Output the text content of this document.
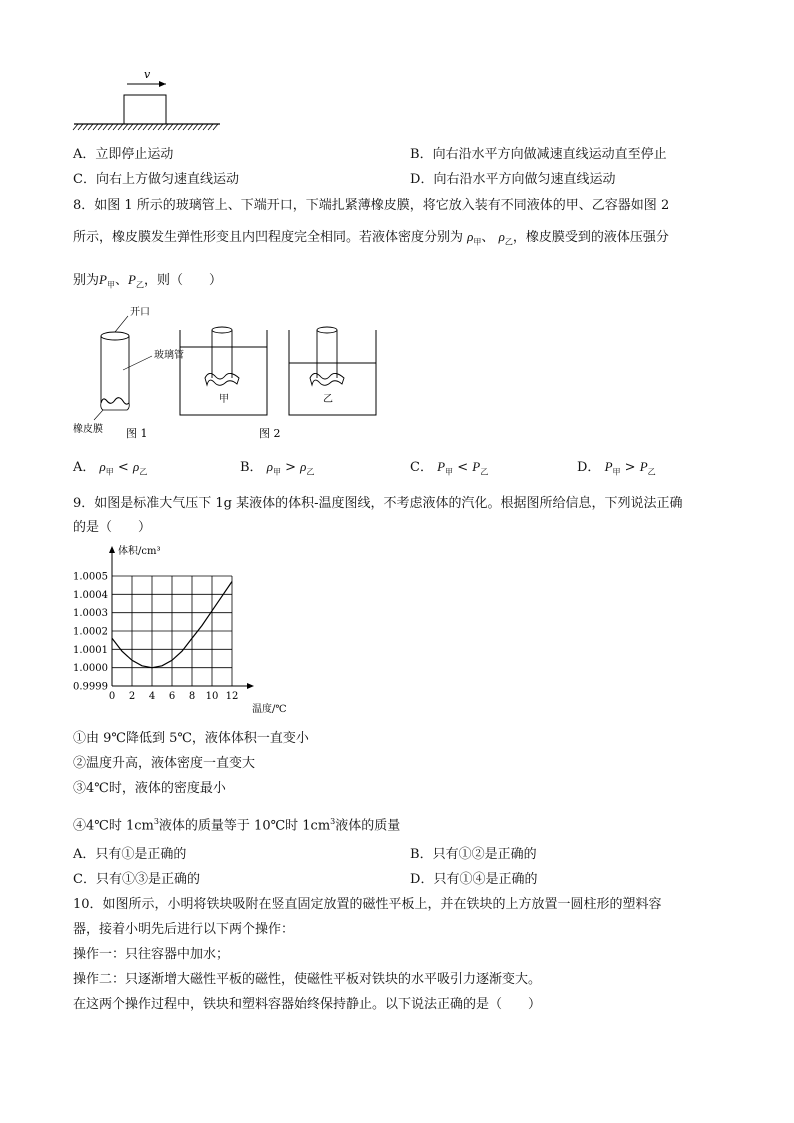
v
A．立即停止运动	B．向右沿水平方向做减速直线运动直至停止
C．向右上方做匀速直线运动	D．向右沿水平方向做匀速直线运动
8．如图 1 所示的玻璃管上、下端开口，下端扎紧薄橡皮膜，将它放入装有不同液体的甲、乙容器如图 2
所示，橡皮膜发生弹性形变且内凹程度完全相同。若液体密度分别为 $\rho_甲$、 $\rho_乙$，橡皮膜受到的液体压强分
别为$P_甲$、$P_乙$，则（　　）
开口
玻璃管
橡皮膜 图 1
甲
图 2
乙
A． $\rho_甲 < \rho_乙$	B． $\rho_甲 > \rho_乙$	C． $P_甲 < P_乙$	D． $P_甲 > P_乙$
9．如图是标准大气压下 1g 某液体的体积-温度图线，不考虑液体的汽化。根据图所给信息，下列说法正确
的是（　　）
0 2 4 6 8 10 12
0.9999
1.0000
1.0001
1.0002
1.0003
1.0004
1.0005
体积/cm³
温度/℃
①由 9℃降低到 5℃，液体体积一直变小
②温度升高，液体密度一直变大
③4℃时，液体的密度最小
④4℃时 $1cm^3$液体的质量等于 10℃时 $1cm^3$液体的质量
A．只有①是正确的	B．只有①②是正确的
C．只有①③是正确的	D．只有①④是正确的
10．如图所示，小明将铁块吸附在竖直固定放置的磁性平板上，并在铁块的上方放置一圆柱形的塑料容
器，接着小明先后进行以下两个操作：
操作一：只往容器中加水；
操作二：只逐渐增大磁性平板的磁性，使磁性平板对铁块的水平吸引力逐渐变大。
在这两个操作过程中，铁块和塑料容器始终保持静止。以下说法正确的是（　　）
